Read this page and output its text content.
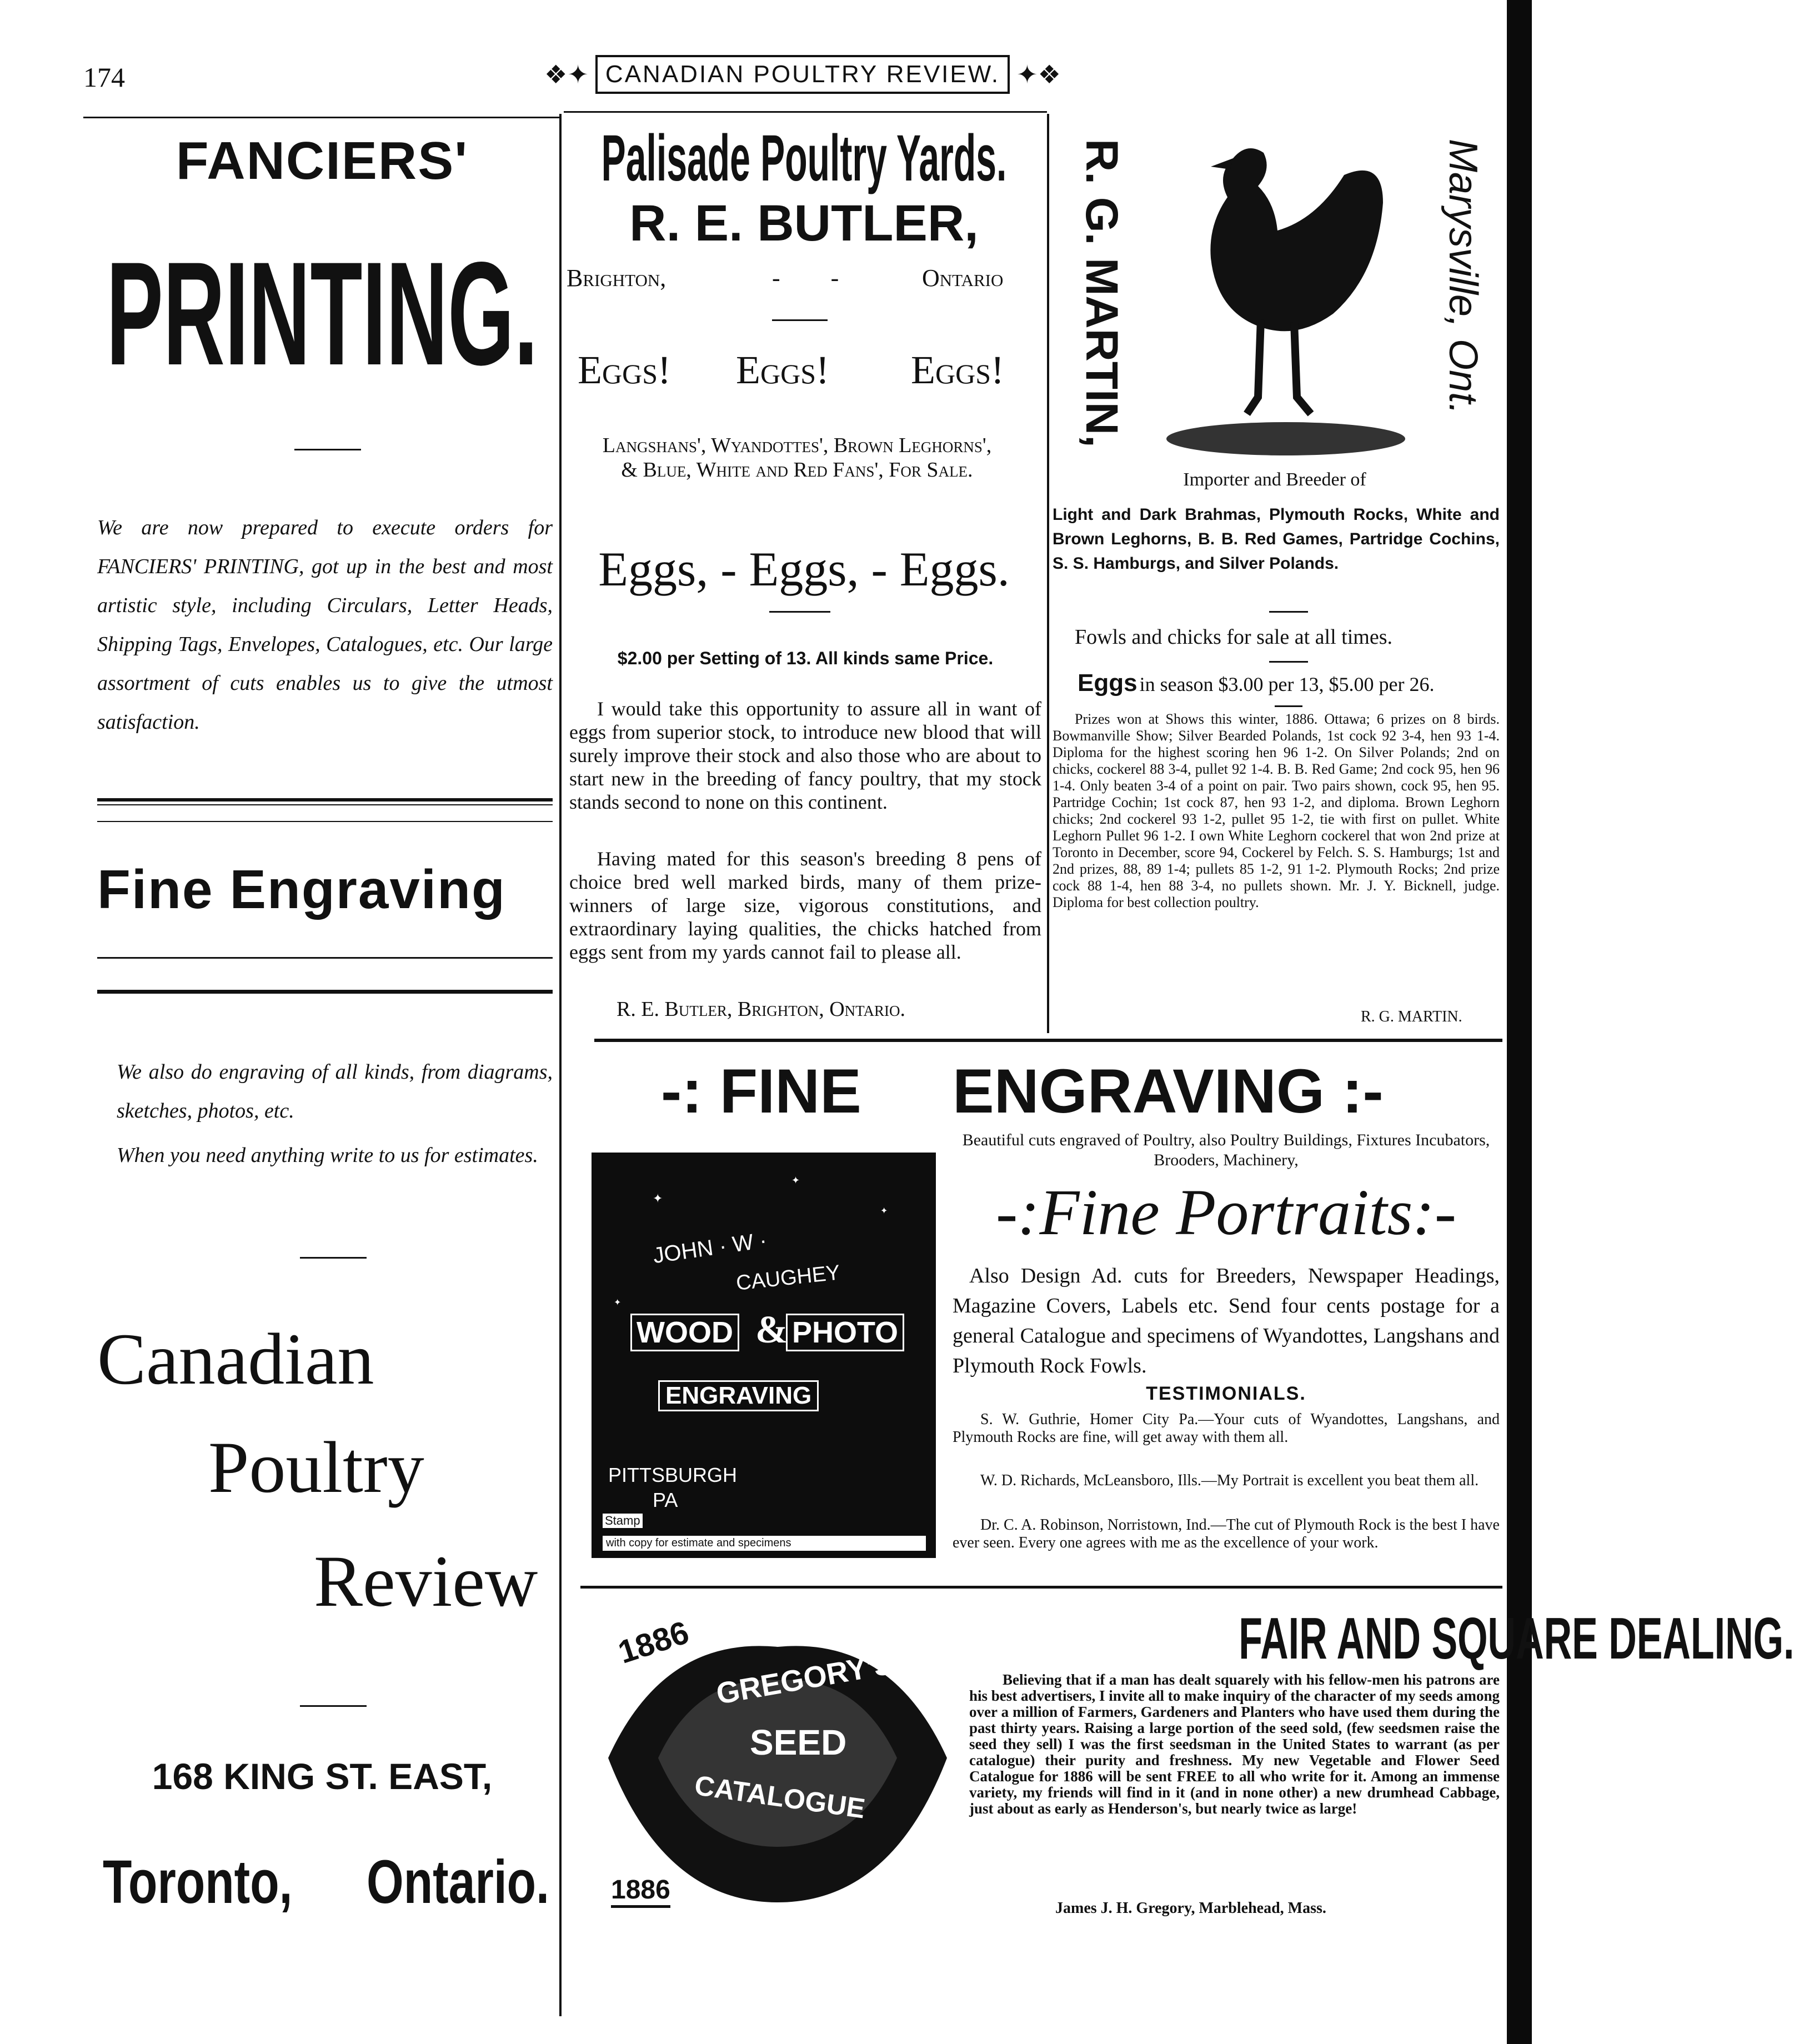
174	❖✦ CANADIAN POULTRY REVIEW. ✦❖
FANCIERS'
PRINTING.
We are now prepared to execute orders for FANCIERS' PRINTING, got up in the best and most artistic style, including Circulars, Letter Heads, Shipping Tags, Envelopes, Catalogues, etc. Our large assortment of cuts enables us to give the utmost satisfaction.
Fine Engraving
We also do engraving of all kinds, from diagrams, sketches, photos, etc.
When you need anything write to us for estimates.
Canadian
Poultry
Review
168 KING ST. EAST,
Toronto, Ontario.
Palisade Poultry Yards.
R. E. BUTLER,
Brighton,	- - Ontario
Eggs! Eggs! Eggs!
Langshans', Wyandottes', Brown Leghorns', & Blue, White and Red Fans', For Sale.
Eggs, - Eggs, - Eggs.
$2.00 per Setting of 13. All kinds same Price.
I would take this opportunity to assure all in want of eggs from superior stock, to introduce new blood that will surely improve their stock and also those who are about to start new in the breeding of fancy poultry, that my stock stands second to none on this continent.
Having mated for this season's breeding 8 pens of choice bred well marked birds, many of them prize-winners of large size, vigorous constitutions, and extraordinary laying qualities, the chicks hatched from eggs sent from my yards cannot fail to please all.
R. E. Butler, Brighton, Ontario.
R. G. MARTIN,	Marysville, Ont.
Importer and Breeder of
Light and Dark Brahmas, Plymouth Rocks, White and Brown Leghorns, B. B. Red Games, Partridge Cochins, S. S. Hamburgs, and Silver Polands.
Fowls and chicks for sale at all times.
Eggs in season $3.00 per 13, $5.00 per 26.
Prizes won at Shows this winter, 1886. Ottawa; 6 prizes on 8 birds. Bowmanville Show; Silver Bearded Polands, 1st cock 92 3-4, hen 93 1-4. Diploma for the highest scoring hen 96 1-2. On Silver Polands; 2nd on chicks, cockerel 88 3-4, pullet 92 1-4. B. B. Red Game; 2nd cock 95, hen 96 1-4. Only beaten 3-4 of a point on pair. Two pairs shown, cock 95, hen 95. Partridge Cochin; 1st cock 87, hen 93 1-2, and diploma. Brown Leghorn chicks; 2nd cockerel 93 1-2, pullet 95 1-2, tie with first on pullet. White Leghorn Pullet 96 1-2. I own White Leghorn cockerel that won 2nd prize at Toronto in December, score 94, Cockerel by Felch. S. S. Hamburgs; 1st and 2nd prizes, 88, 89 1-4; pullets 85 1-2, 91 1-2. Plymouth Rocks; 2nd prize cock 88 1-4, hen 88 3-4, no pullets shown. Mr. J. Y. Bicknell, judge. Diploma for best collection poultry.
R. G. MARTIN.
-: FINE ENGRAVING :-
Beautiful cuts engraved of Poultry, also Poultry Buildings, Fixtures Incubators, Brooders, Machinery,
-:Fine Portraits:-
Also Design Ad. cuts for Breeders, Newspaper Headings, Magazine Covers, Labels etc. Send four cents postage for a general Catalogue and specimens of Wyandottes, Langshans and Plymouth Rock Fowls.
TESTIMONIALS.
S. W. Guthrie, Homer City Pa.—Your cuts of Wyandottes, Langshans, and Plymouth Rocks are fine, will get away with them all.
W. D. Richards, McLeansboro, Ills.—My Portrait is excellent you beat them all.
Dr. C. A. Robinson, Norristown, Ind.—The cut of Plymouth Rock is the best I have ever seen. Every one agrees with me as the excellence of your work.
✦
✦
✦
✦
JOHN · W ·
CAUGHEY
WOOD & PHOTO
ENGRAVING
PITTSBURGH
PA
Stamp
with copy for estimate and specimens
1886
GREGORY'S
SEED
CATALOGUE
1886
FAIR AND SQUARE DEALING.
Believing that if a man has dealt squarely with his fellow-men his patrons are his best advertisers, I invite all to make inquiry of the character of my seeds among over a million of Farmers, Gardeners and Planters who have used them during the past thirty years. Raising a large portion of the seed sold, (few seedsmen raise the seed they sell) I was the first seedsman in the United States to warrant (as per catalogue) their purity and freshness. My new Vegetable and Flower Seed Catalogue for 1886 will be sent FREE to all who write for it. Among an immense variety, my friends will find in it (and in none other) a new drumhead Cabbage, just about as early as Henderson's, but nearly twice as large!
James J. H. Gregory, Marblehead, Mass.
